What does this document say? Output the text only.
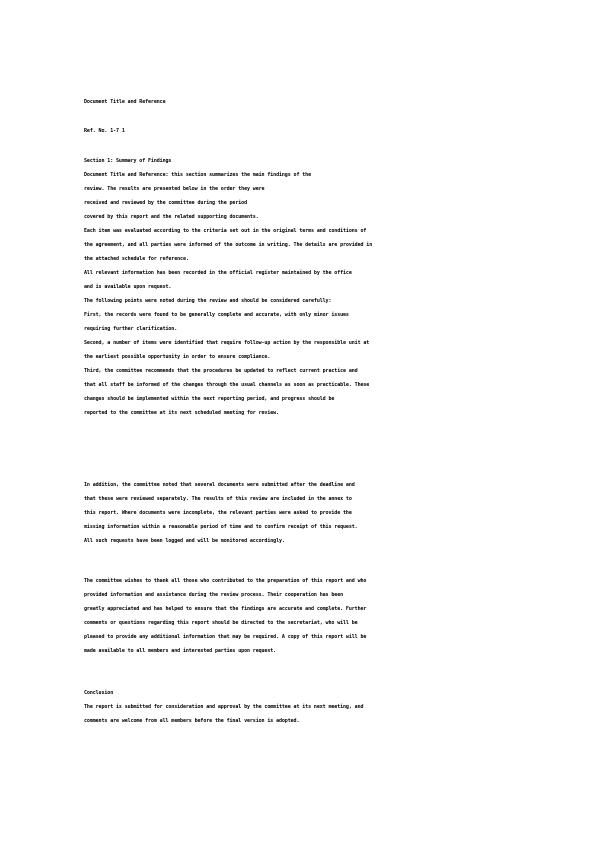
Document Title and Reference
Ref. No. 1-7 1
Section 1: Summary of Findings
Document Title and Reference: this section summarizes the main findings of the
review. The results are presented below in the order they were
received and reviewed by the committee during the period
covered by this report and the related supporting documents.
Each item was evaluated according to the criteria set out in the original terms and conditions of
the agreement, and all parties were informed of the outcome in writing. The details are provided in
the attached schedule for reference.
All relevant information has been recorded in the official register maintained by the office
and is available upon request.
The following points were noted during the review and should be considered carefully:
First, the records were found to be generally complete and accurate, with only minor issues
requiring further clarification.
Second, a number of items were identified that require follow-up action by the responsible unit at
the earliest possible opportunity in order to ensure compliance.
Third, the committee recommends that the procedures be updated to reflect current practice and
that all staff be informed of the changes through the usual channels as soon as practicable. These
changes should be implemented within the next reporting period, and progress should be
reported to the committee at its next scheduled meeting for review.
In addition, the committee noted that several documents were submitted after the deadline and
that these were reviewed separately. The results of this review are included in the annex to
this report. Where documents were incomplete, the relevant parties were asked to provide the
missing information within a reasonable period of time and to confirm receipt of this request.
All such requests have been logged and will be monitored accordingly.
The committee wishes to thank all those who contributed to the preparation of this report and who
provided information and assistance during the review process. Their cooperation has been
greatly appreciated and has helped to ensure that the findings are accurate and complete. Further
comments or questions regarding this report should be directed to the secretariat, who will be
pleased to provide any additional information that may be required. A copy of this report will be
made available to all members and interested parties upon request.
Conclusion
The report is submitted for consideration and approval by the committee at its next meeting, and
comments are welcome from all members before the final version is adopted.
